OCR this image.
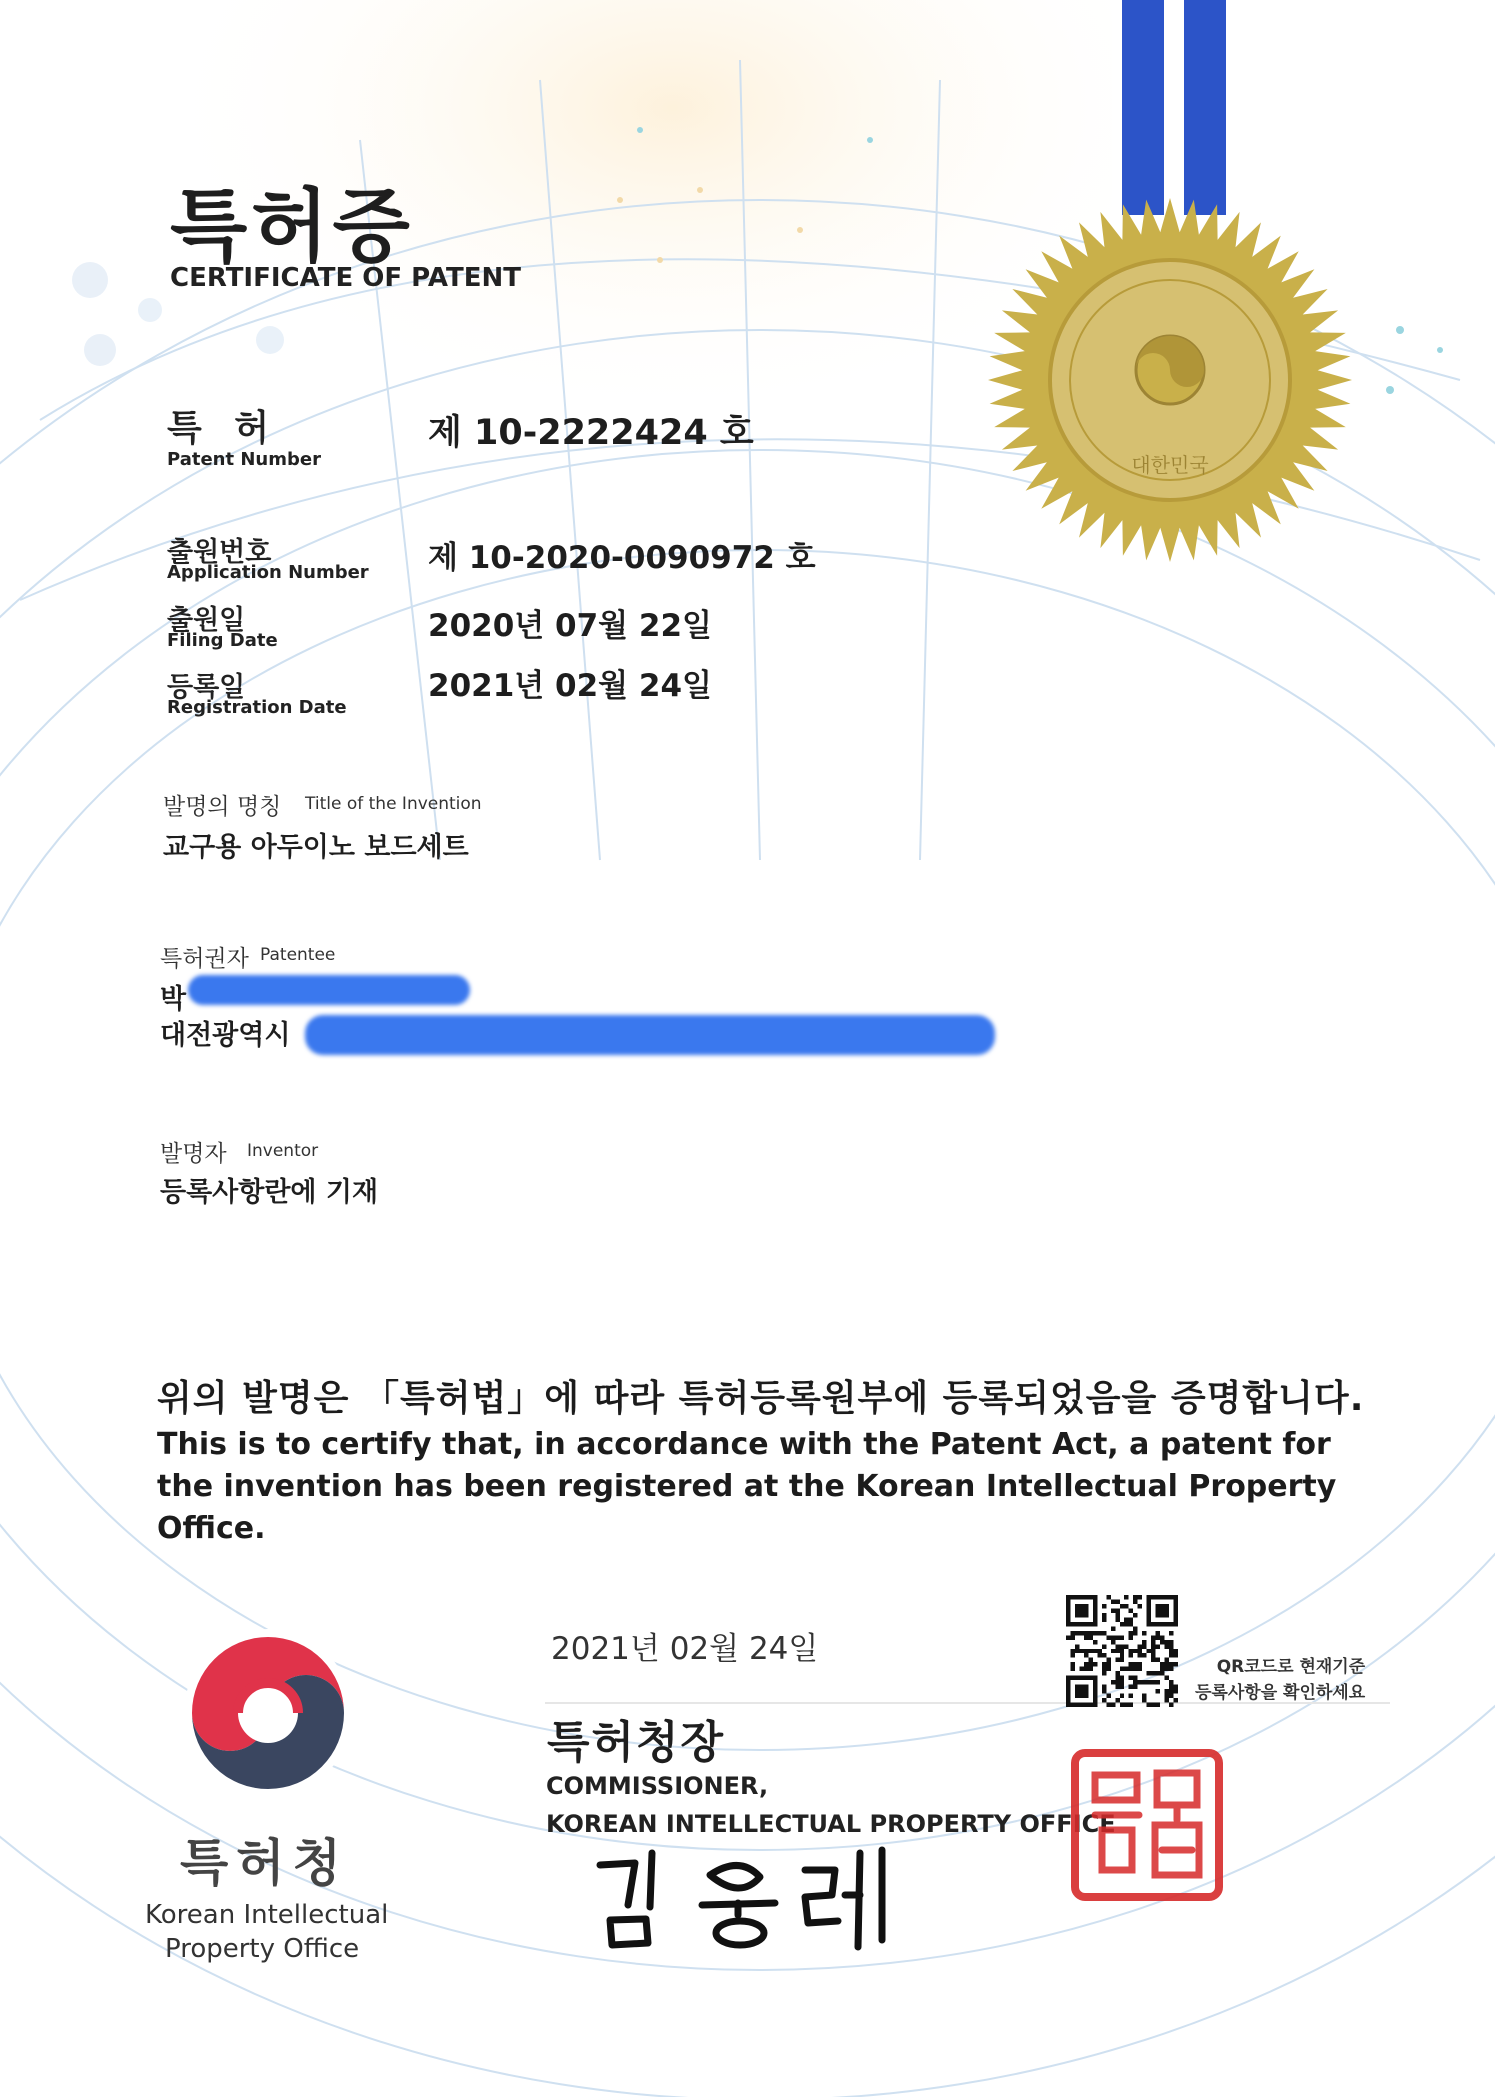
대한민국
특허증
CERTIFICATE OF PATENT
특 허
Patent Number
제 10-2222424 호
출원번호
Application Number 제 10-2020-0090972 호
출원일
Filing Date	2020년 07월 22일
등록일
Registration Date
2021년 02월 24일
발명의 명칭 Title of the Invention
교구용 아두이노 보드세트
특허권자 Patentee
박
대전광역시
발명자 Inventor
등록사항란에 기재
위의 발명은 「특허법」에 따라 특허등록원부에 등록되었음을 증명합니다.
This is to certify that, in accordance with the Patent Act, a patent for the invention has been registered at the Korean Intellectual Property Office.
2021년 02월 24일
특허청장
COMMISSIONER,
KOREAN INTELLECTUAL PROPERTY OFFICE
QR코드로 현재기준
등록사항을 확인하세요
특허청
Korean Intellectual
Property Office
